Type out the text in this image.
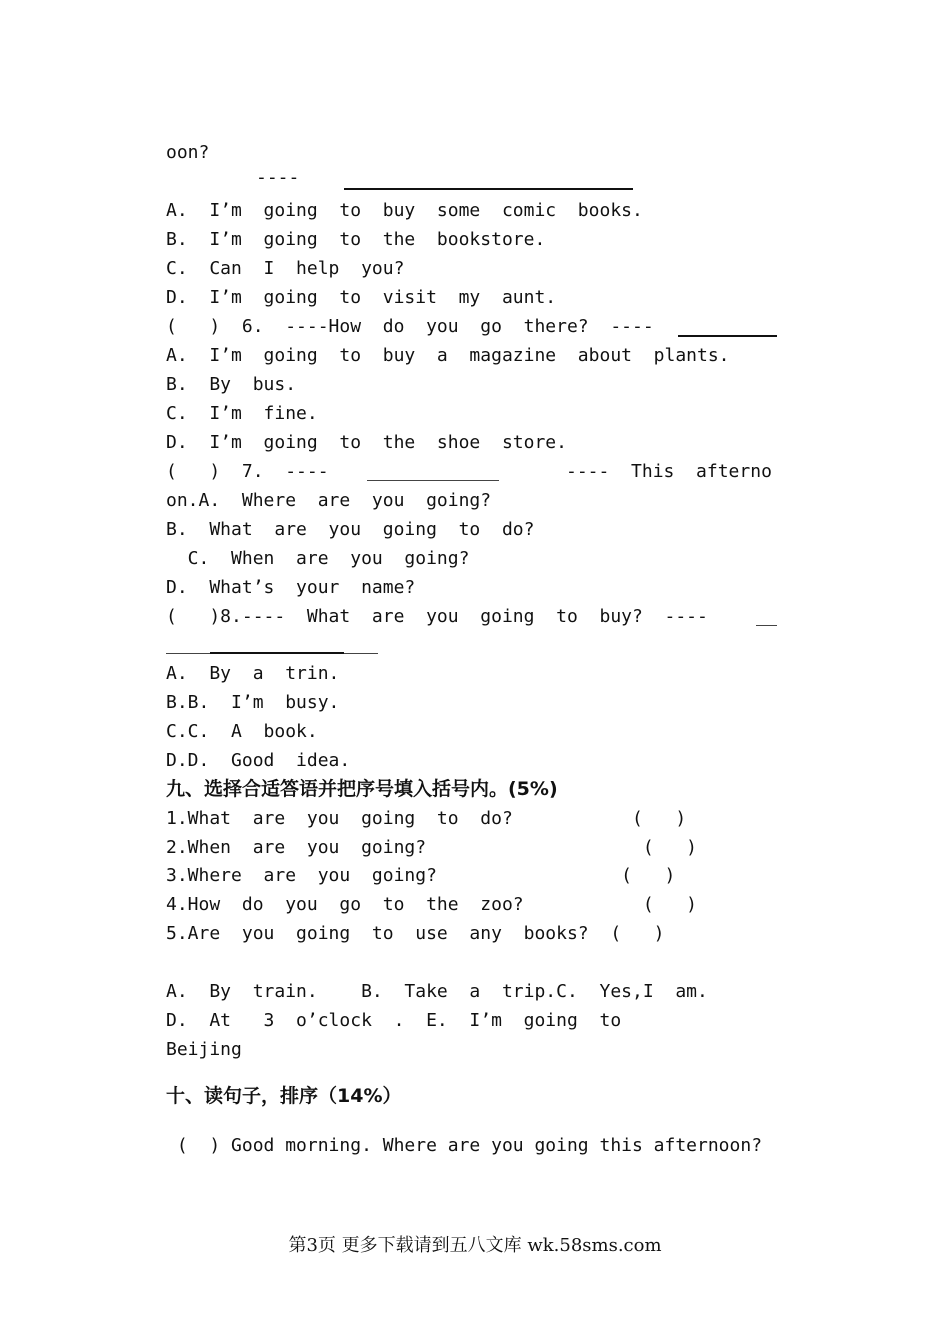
oon?
----
A.  I’m  going  to  buy  some  comic  books.
B.  I’m  going  to  the  bookstore.
C.  Can  I  help  you?
D.  I’m  going  to  visit  my  aunt.
(   )  6.  ----How  do  you  go  there?  ----
A.  I’m  going  to  buy  a  magazine  about  plants.
B.  By  bus.
C.  I’m  fine.
D.  I’m  going  to  the  shoe  store.
(   )  7.  ----	----  This  afterno
on.A.  Where  are  you  going?
B.  What  are  you  going  to  do?
C.  When  are  you  going?
D.  What’s  your  name?
(   )8.----  What  are  you  going  to  buy?  ----
A.  By  a  trin.
B.B.  I’m  busy.
C.C.  A  book.
D.D.  Good  idea.
九、选择合适答语并把序号填入括号内。(5%)
1.What  are  you  going  to  do?           (   )
2.When  are  you  going?                    (   )
3.Where  are  you  going?                 (   )
4.How  do  you  go  to  the  zoo?           (   )
5.Are  you  going  to  use  any  books?  (   )
A.  By  train.    B.  Take  a  trip.C.  Yes,I  am.
D.  At   3  o’clock  .  E.  I’m  going  to
Beijing
十、读句子，排序（14%）
(  ) Good morning. Where are you going this afternoon?
第3页 更多下载请到五八文库 wk.58sms.com
